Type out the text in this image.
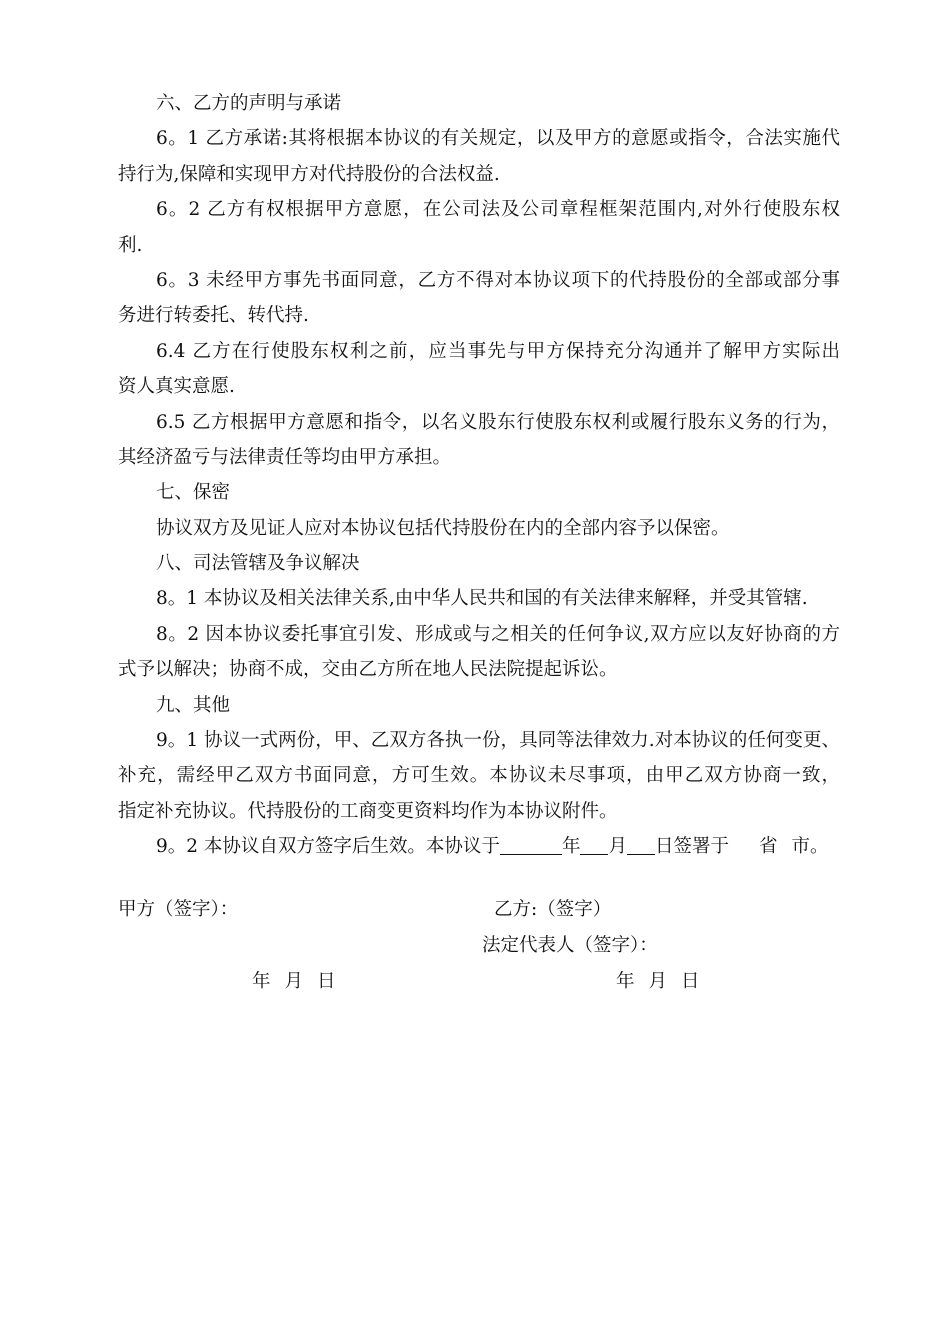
六、乙方的声明与承诺
6。1 乙方承诺:其将根据本协议的有关规定，以及甲方的意愿或指令，合法实施代
持行为,保障和实现甲方对代持股份的合法权益.
6。2 乙方有权根据甲方意愿，在公司法及公司章程框架范围内,对外行使股东权
利.
6。3 未经甲方事先书面同意，乙方不得对本协议项下的代持股份的全部或部分事
务进行转委托、转代持.
6.4 乙方在行使股东权利之前，应当事先与甲方保持充分沟通并了解甲方实际出
资人真实意愿.
6.5 乙方根据甲方意愿和指令，以名义股东行使股东权利或履行股东义务的行为，
其经济盈亏与法律责任等均由甲方承担。
七、保密
协议双方及见证人应对本协议包括代持股份在内的全部内容予以保密。
八、司法管辖及争议解决
8。1 本协议及相关法律关系,由中华人民共和国的有关法律来解释，并受其管辖.
8。2 因本协议委托事宜引发、形成或与之相关的任何争议,双方应以友好协商的方
式予以解决；协商不成，交由乙方所在地人民法院提起诉讼。
九、其他
9。1 协议一式两份，甲、乙双方各执一份，具同等法律效力.对本协议的任何变更、
补充，需经甲乙双方书面同意，方可生效。本协议未尽事项，由甲乙双方协商一致，
指定补充协议。代持股份的工商变更资料均作为本协议附件。
9。2 本协议自双方签字后生效。本协议于	年 月 日签署于 省 市。
甲方（签字）：	乙方:（签字）
法定代表人（签字）：
年 月 日	年 月 日
